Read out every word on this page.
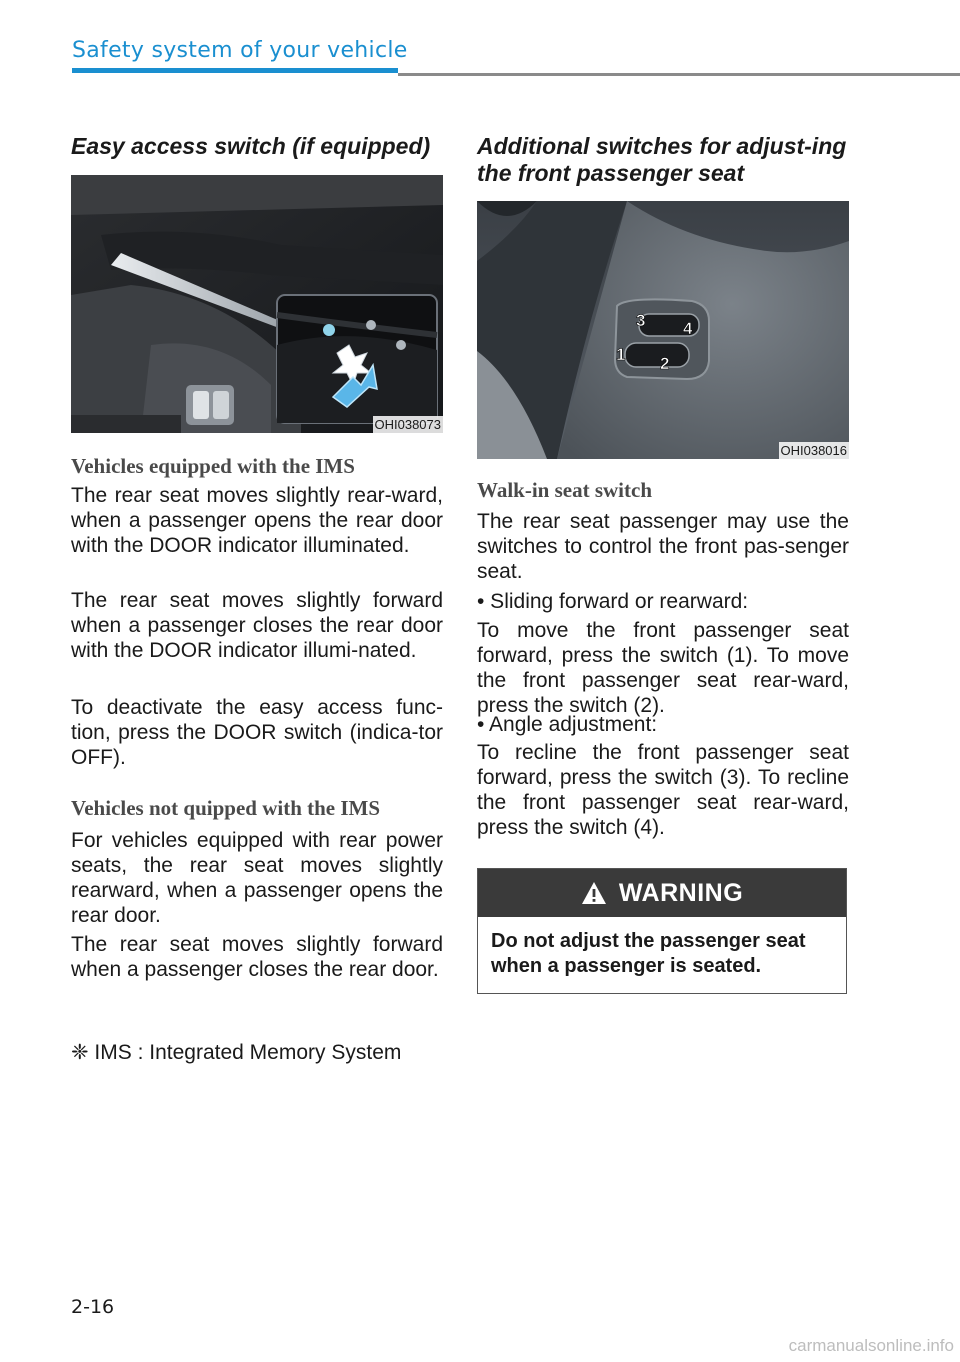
Safety system of your vehicle
Easy access switch (if equipped)
OHI038073
Vehicles equipped with the IMS

The rear seat moves slightly rear-ward, when a passenger opens the rear door with the DOOR indicator illuminated.

The rear seat moves slightly forward when a passenger closes the rear door with the DOOR indicator illumi-nated.

To deactivate the easy access func-tion, press the DOOR switch (indica-tor OFF).

Vehicles not quipped with the IMS

For vehicles equipped with rear power seats, the rear seat moves slightly rearward, when a passenger opens the rear door.

The rear seat moves slightly forward when a passenger closes the rear door.

❈ IMS : Integrated Memory System
Additional switches for adjust-ing the front passenger seat
1 2
3 4
OHI038016
Walk-in seat switch

The rear seat passenger may use the switches to control the front pas-senger seat.

• Sliding forward or rearward:

To move the front passenger seat forward, press the switch (1). To move the front passenger seat rear-ward, press the switch (2).

• Angle adjustment:

To recline the front passenger seat forward, press the switch (3). To recline the front passenger seat rear-ward, press the switch (4).

WARNING
Do not adjust the passenger seat when a passenger is seated.
2-16
carmanualsonline.info
